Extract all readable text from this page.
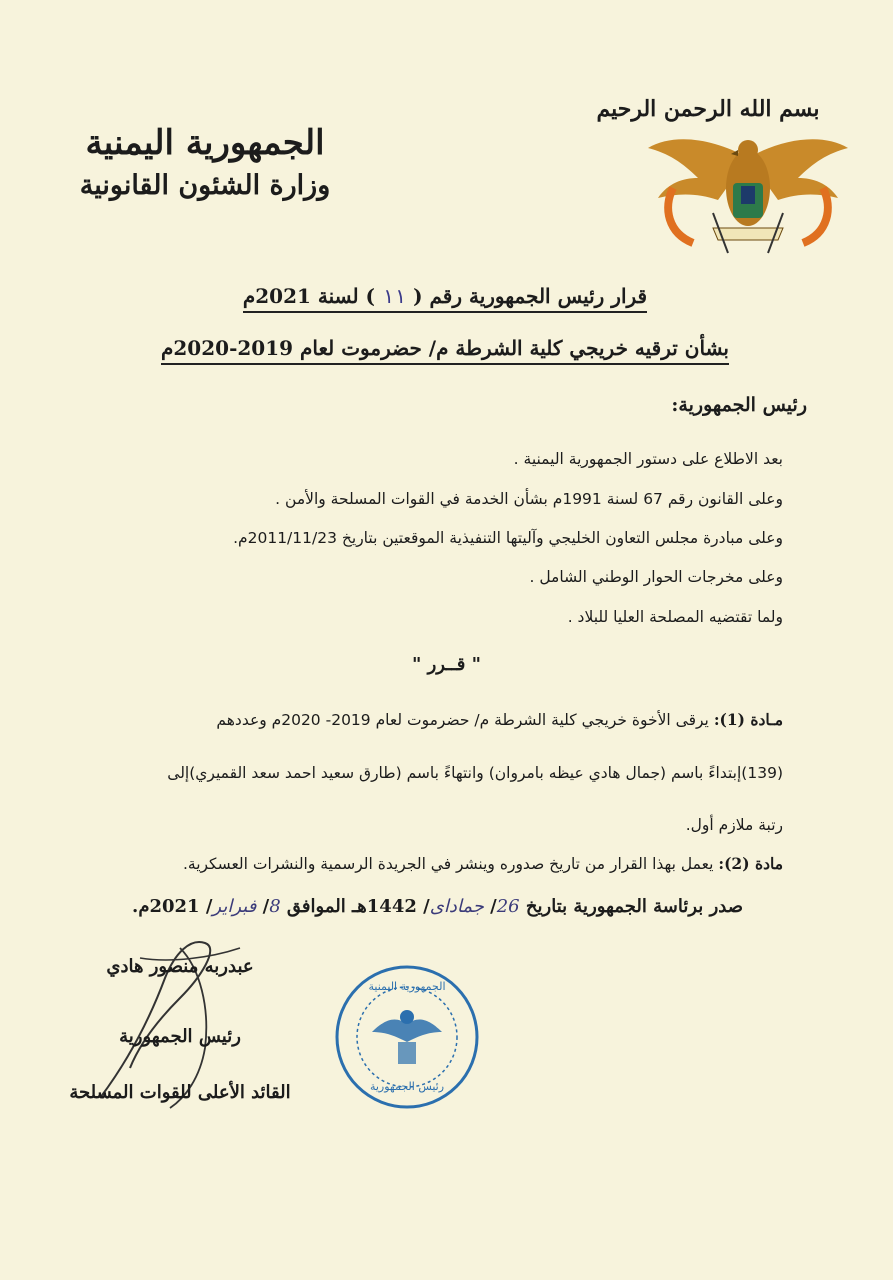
بسم الله الرحمن الرحيم
الجمهورية اليمنية
وزارة الشئون القانونية
قرار رئيس الجمهورية رقم ( ١١ ) لسنة 2021م
بشأن ترقيه خريجي كلية الشرطة م/ حضرموت لعام 2019-2020م
رئيس الجمهورية:
بعد الاطلاع على دستور الجمهورية اليمنية .
وعلى القانون رقم 67 لسنة 1991م بشأن الخدمة في القوات المسلحة والأمن .
وعلى مبادرة مجلس التعاون الخليجي وآليتها التنفيذية الموقعتين بتاريخ 2011/11/23م.
وعلى مخرجات الحوار الوطني الشامل .
ولما تقتضيه المصلحة العليا للبلاد .
" قــرر "
مـادة (1): يرقى الأخوة خريجي كلية الشرطة م/ حضرموت لعام 2019- 2020م وعددهم
(139)إبتداءً باسم (جمال هادي عيظه بامروان) وانتهاءً باسم (طارق سعيد احمد سعد القميري)إلى
رتبة ملازم أول.
مادة (2): يعمل بهذا القرار من تاريخ صدوره وينشر في الجريدة الرسمية والنشرات العسكرية.
صدر برئاسة الجمهورية بتاريخ 26/ جماداى/ 1442هـ الموافق 8/ فبراير/ 2021م.
عبدربه منصور هادي
رئيس الجمهورية
القائد الأعلى للقوات المسلحة
الجمهورية اليمنية
رئيس الجمهورية
